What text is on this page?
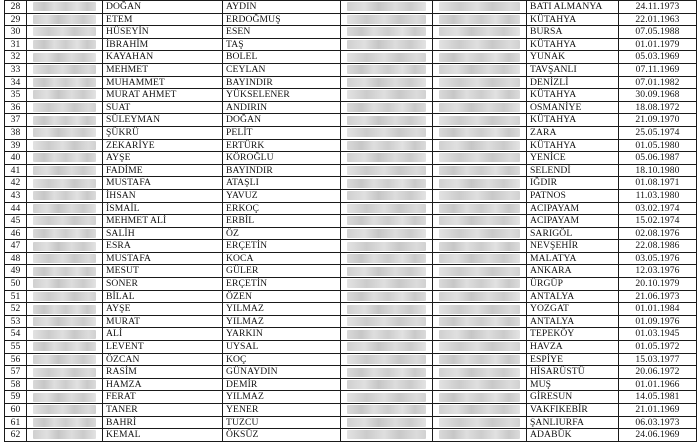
28		DOĞAN	AYDIN			BATI ALMANYA	24.11.1973
29		ETEM	ERDOĞMUŞ			KÜTAHYA	22.01.1963
30		HÜSEYİN	ESEN			BURSA	07.05.1988
31		İBRAHİM	TAŞ			KÜTAHYA	01.01.1979
32		KAYAHAN	BOLEL			YUNAK	05.03.1969
33		MEHMET	CEYLAN			TAVŞANLI	07.11.1969
34		MUHAMMET	BAYINDIR			DENİZLİ	07.01.1982
35		MURAT AHMET	YÜKSELENER			KÜTAHYA	30.09.1968
36		SUAT	ANDIRIN			OSMANİYE	18.08.1972
37		SÜLEYMAN	DOĞAN			KÜTAHYA	21.09.1970
38		ŞÜKRÜ	PELİT			ZARA	25.05.1974
39		ZEKARİYE	ERTÜRK			KÜTAHYA	01.05.1980
40		AYŞE	KÖROĞLU			YENİCE	05.06.1987
41		FADİME	BAYINDIR			SELENDİ	18.10.1980
42		MUSTAFA	ATAŞLI			IĞDIR	01.08.1971
43		İHSAN	YAVUZ			PATNOS	11.03.1980
44		İSMAİL	ERKOÇ			ACIPAYAM	03.02.1974
45		MEHMET ALİ	ERBİL			ACIPAYAM	15.02.1974
46		SALİH	ÖZ			SARIGÖL	02.08.1976
47		ESRA	ERÇETİN			NEVŞEHİR	22.08.1986
48		MUSTAFA	KOCA			MALATYA	03.05.1976
49		MESUT	GÜLER			ANKARA	12.03.1976
50		SONER	ERÇETİN			ÜRGÜP	20.10.1979
51		BİLAL	ÖZEN			ANTALYA	21.06.1973
52		AYŞE	YILMAZ			YOZGAT	01.01.1984
53		MURAT	YILMAZ			ANTALYA	01.09.1976
54		ALİ	YARKIN			TEPEKÖY	01.03.1945
55		LEVENT	UYSAL			HAVZA	01.05.1972
56		ÖZCAN	KOÇ			ESPİYE	15.03.1977
57		RASİM	GÜNAYDIN			HİSARÜSTÜ	20.06.1972
58		HAMZA	DEMİR			MUŞ	01.01.1966
59		FERAT	YILMAZ			GİRESUN	14.05.1981
60		TANER	YENER			VAKFIKEBİR	21.01.1969
61		BAHRİ	TUZCU			ŞANLIURFA	06.03.1973
62		KEMAL	ÖKSÜZ			ADABÜK	24.06.1969
